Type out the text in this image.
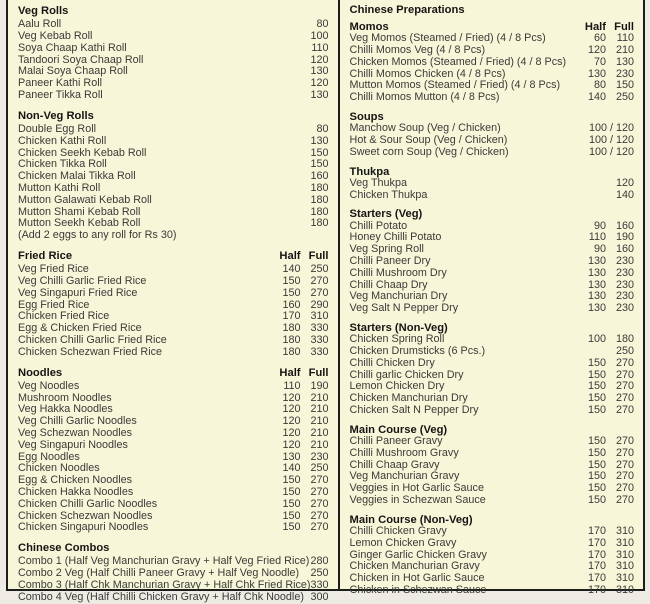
Veg Rolls
Aalu Roll	80
Veg Kebab Roll	100
Soya Chaap Kathi Roll	110
Tandoori Soya Chaap Roll	120
Malai Soya Chaap Roll	130
Paneer Kathi Roll	120
Paneer Tikka Roll	130
Non-Veg Rolls
Double Egg Roll	80
Chicken Kathi Roll	130
Chicken Seekh Kebab Roll	150
Chicken Tikka Roll	150
Chicken Malai Tikka Roll	160
Mutton Kathi Roll	180
Mutton Galawati Kebab Roll	180
Mutton Shami Kebab Roll	180
Mutton Seekh Kebab Roll	180
(Add 2 eggs to any roll for Rs 30)
Fried Rice	Half Full
Veg Fried Rice	140 250
Veg Chilli Garlic Fried Rice	150 270
Veg Singapuri Fried Rice	150 270
Egg Fried Rice	160 290
Chicken Fried Rice	170 310
Egg & Chicken Fried Rice	180 330
Chicken Chilli Garlic Fried Rice	180 330
Chicken Schezwan Fried Rice	180 330
Noodles	Half Full
Veg Noodles	110 190
Mushroom Noodles	120 210
Veg Hakka Noodles	120 210
Veg Chilli Garlic Noodles	120 210
Veg Schezwan Noodles	120 210
Veg Singapuri Noodles	120 210
Egg Noodles	130 230
Chicken Noodles	140 250
Egg & Chicken Noodles	150 270
Chicken Hakka Noodles	150 270
Chicken Chilli Garlic Noodles	150 270
Chicken Schezwan Noodles	150 270
Chicken Singapuri Noodles	150 270
Chinese Combos
Combo 1 (Half Veg Manchurian Gravy + Half Veg Fried Rice) 280
Combo 2 Veg (Half Chilli Paneer Gravy + Half Veg Noodle)	250
Combo 3 (Half Chk Manchurian Gravy + Half Chk Fried Rice) 330
Combo 4 Veg (Half Chilli Chicken Gravy + Half Chk Noodle) 300
Chinese Preparations
Momos	Half Full
Veg Momos (Steamed / Fried) (4 / 8 Pcs)	60 110
Chilli Momos Veg (4 / 8 Pcs)	120 210
Chicken Momos (Steamed / Fried) (4 / 8 Pcs)	70 130
Chilli Momos Chicken (4 / 8 Pcs)	130 230
Mutton Momos (Steamed / Fried) (4 / 8 Pcs)	80 150
Chilli Momos Mutton (4 / 8 Pcs)	140 250
Soups
Manchow Soup (Veg / Chicken)	100 / 120
Hot & Sour Soup (Veg / Chicken)	100 / 120
Sweet corn Soup (Veg / Chicken)	100 / 120
Thukpa
Veg Thukpa	120
Chicken Thukpa	140
Starters (Veg)
Chilli Potato	90 160
Honey Chilli Potato	110 190
Veg Spring Roll	90 160
Chilli Paneer Dry	130 230
Chilli Mushroom Dry	130 230
Chilli Chaap Dry	130 230
Veg Manchurian Dry	130 230
Veg Salt N Pepper Dry	130 230
Starters (Non-Veg)
Chicken Spring Roll	100 180
Chicken Drumsticks (6 Pcs.)	250
Chilli Chicken Dry	150 270
Chilli garlic Chicken Dry	150 270
Lemon Chicken Dry	150 270
Chicken Manchurian Dry	150 270
Chicken Salt N Pepper Dry	150 270
Main Course (Veg)
Chilli Paneer Gravy	150 270
Chilli Mushroom Gravy	150 270
Chilli Chaap Gravy	150 270
Veg Manchurian Gravy	150 270
Veggies in Hot Garlic Sauce	150 270
Veggies in Schezwan Sauce	150 270
Main Course (Non-Veg)
Chilli Chicken Gravy	170 310
Lemon Chicken Gravy	170 310
Ginger Garlic Chicken Gravy	170 310
Chicken Manchurian Gravy	170 310
Chicken in Hot Garlic Sauce	170 310
Chicken in Schezwan Sauce	170 310
